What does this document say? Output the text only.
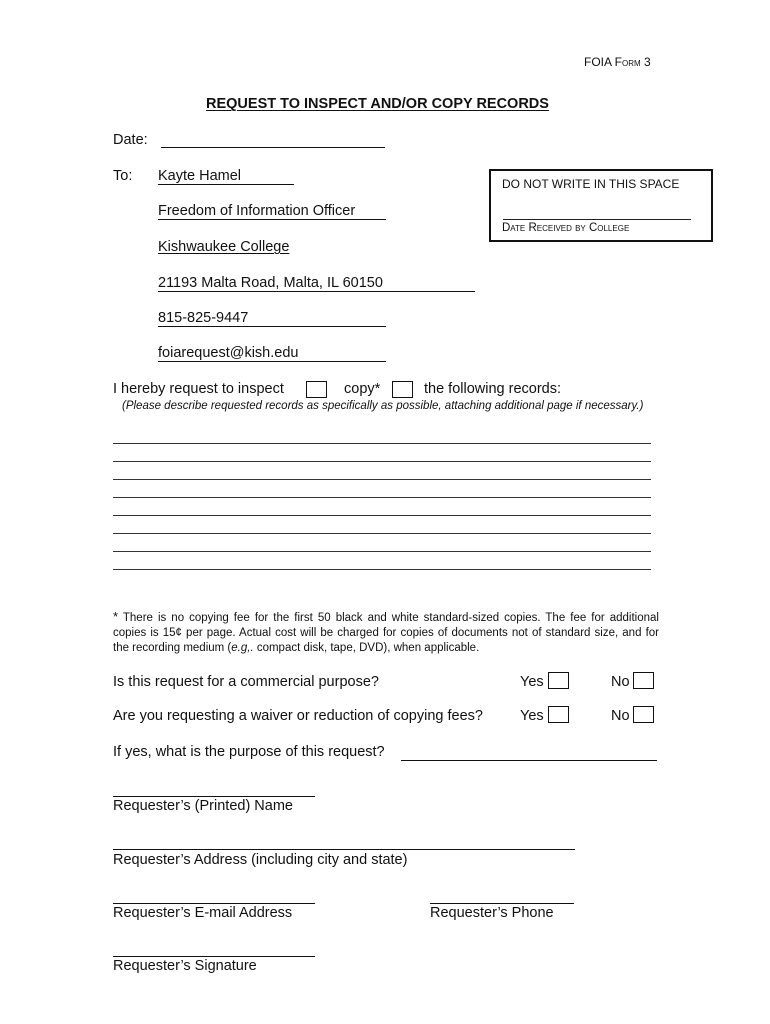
FOIA Form 3
REQUEST TO INSPECT AND/OR COPY RECORDS
Date:
To: Kayte Hamel
Freedom of Information Officer
Kishwaukee College
21193 Malta Road, Malta, IL 60150
815-825-9447
foiarequest@kish.edu
DO NOT WRITE IN THIS SPACE
Date Received by College
I hereby request to inspect	copy*	the following records:
(Please describe requested records as specifically as possible, attaching additional page if necessary.)
* There is no copying fee for the first 50 black and white standard-sized copies. The fee for additional copies is 15¢ per page. Actual cost will be charged for copies of documents not of standard size, and for the recording medium (e.g,. compact disk, tape, DVD), when applicable.
Is this request for a commercial purpose?	Yes	No
Are you requesting a waiver or reduction of copying fees?	Yes	No
If yes, what is the purpose of this request?
Requester’s (Printed) Name
Requester’s Address (including city and state)
Requester’s E-mail Address	Requester’s Phone
Requester’s Signature
